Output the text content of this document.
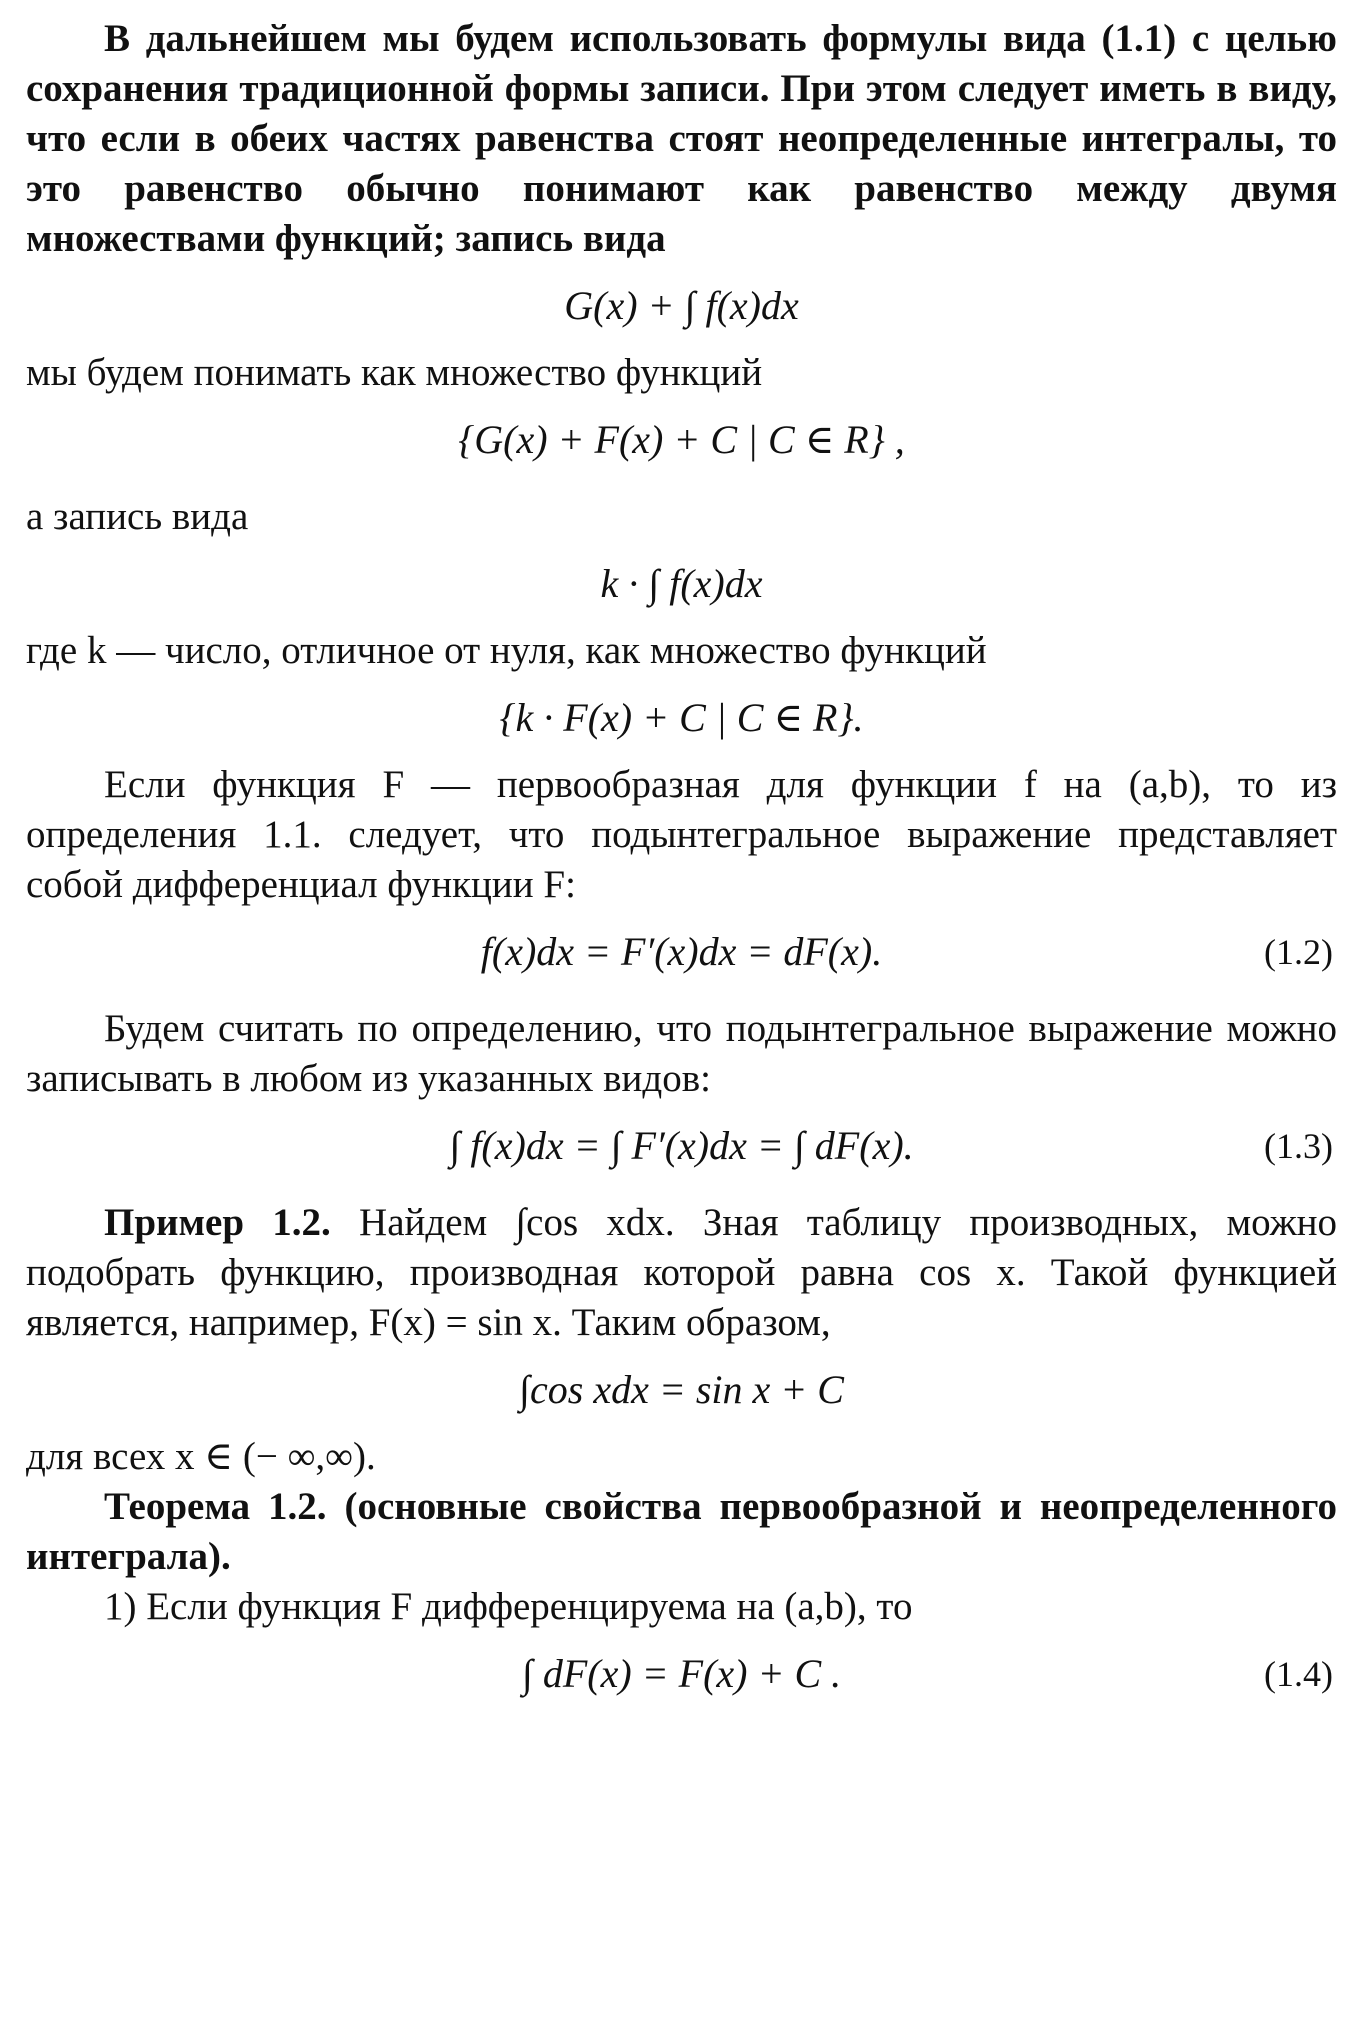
В дальнейшем мы будем использовать формулы вида (1.1) с целью сохранения традиционной формы записи. При этом следует иметь в виду, что если в обеих частях равенства стоят неопределенные интегралы, то это равенство обычно понимают как равенство между двумя множествами функций; запись вида

G(x) + ∫ f(x)dx

мы будем понимать как множество функций

{G(x) + F(x) + C | C ∈ R} ,

а запись вида

k · ∫ f(x)dx

где k — число, отличное от нуля, как множество функций

{k · F(x) + C | C ∈ R}.

Если функция F — первообразная для функции f на (a,b), то из определения 1.1. следует, что подынтегральное выражение представляет собой дифференциал функции F:

f(x)dx = F′(x)dx = dF(x).	(1.2)

Будем считать по определению, что подынтегральное выражение можно записывать в любом из указанных видов:

∫ f(x)dx = ∫ F′(x)dx = ∫ dF(x).	(1.3)

Пример 1.2. Найдем ∫cos xdx. Зная таблицу производных, можно подобрать функцию, производная которой равна cos x. Такой функцией является, например, F(x) = sin x. Таким образом,

∫cos xdx = sin x + C

для всех x ∈ (− ∞,∞).

Теорема 1.2. (основные свойства первообразной и неопределенного интеграла).

1) Если функция F дифференцируема на (a,b), то

∫ dF(x) = F(x) + C .	(1.4)
